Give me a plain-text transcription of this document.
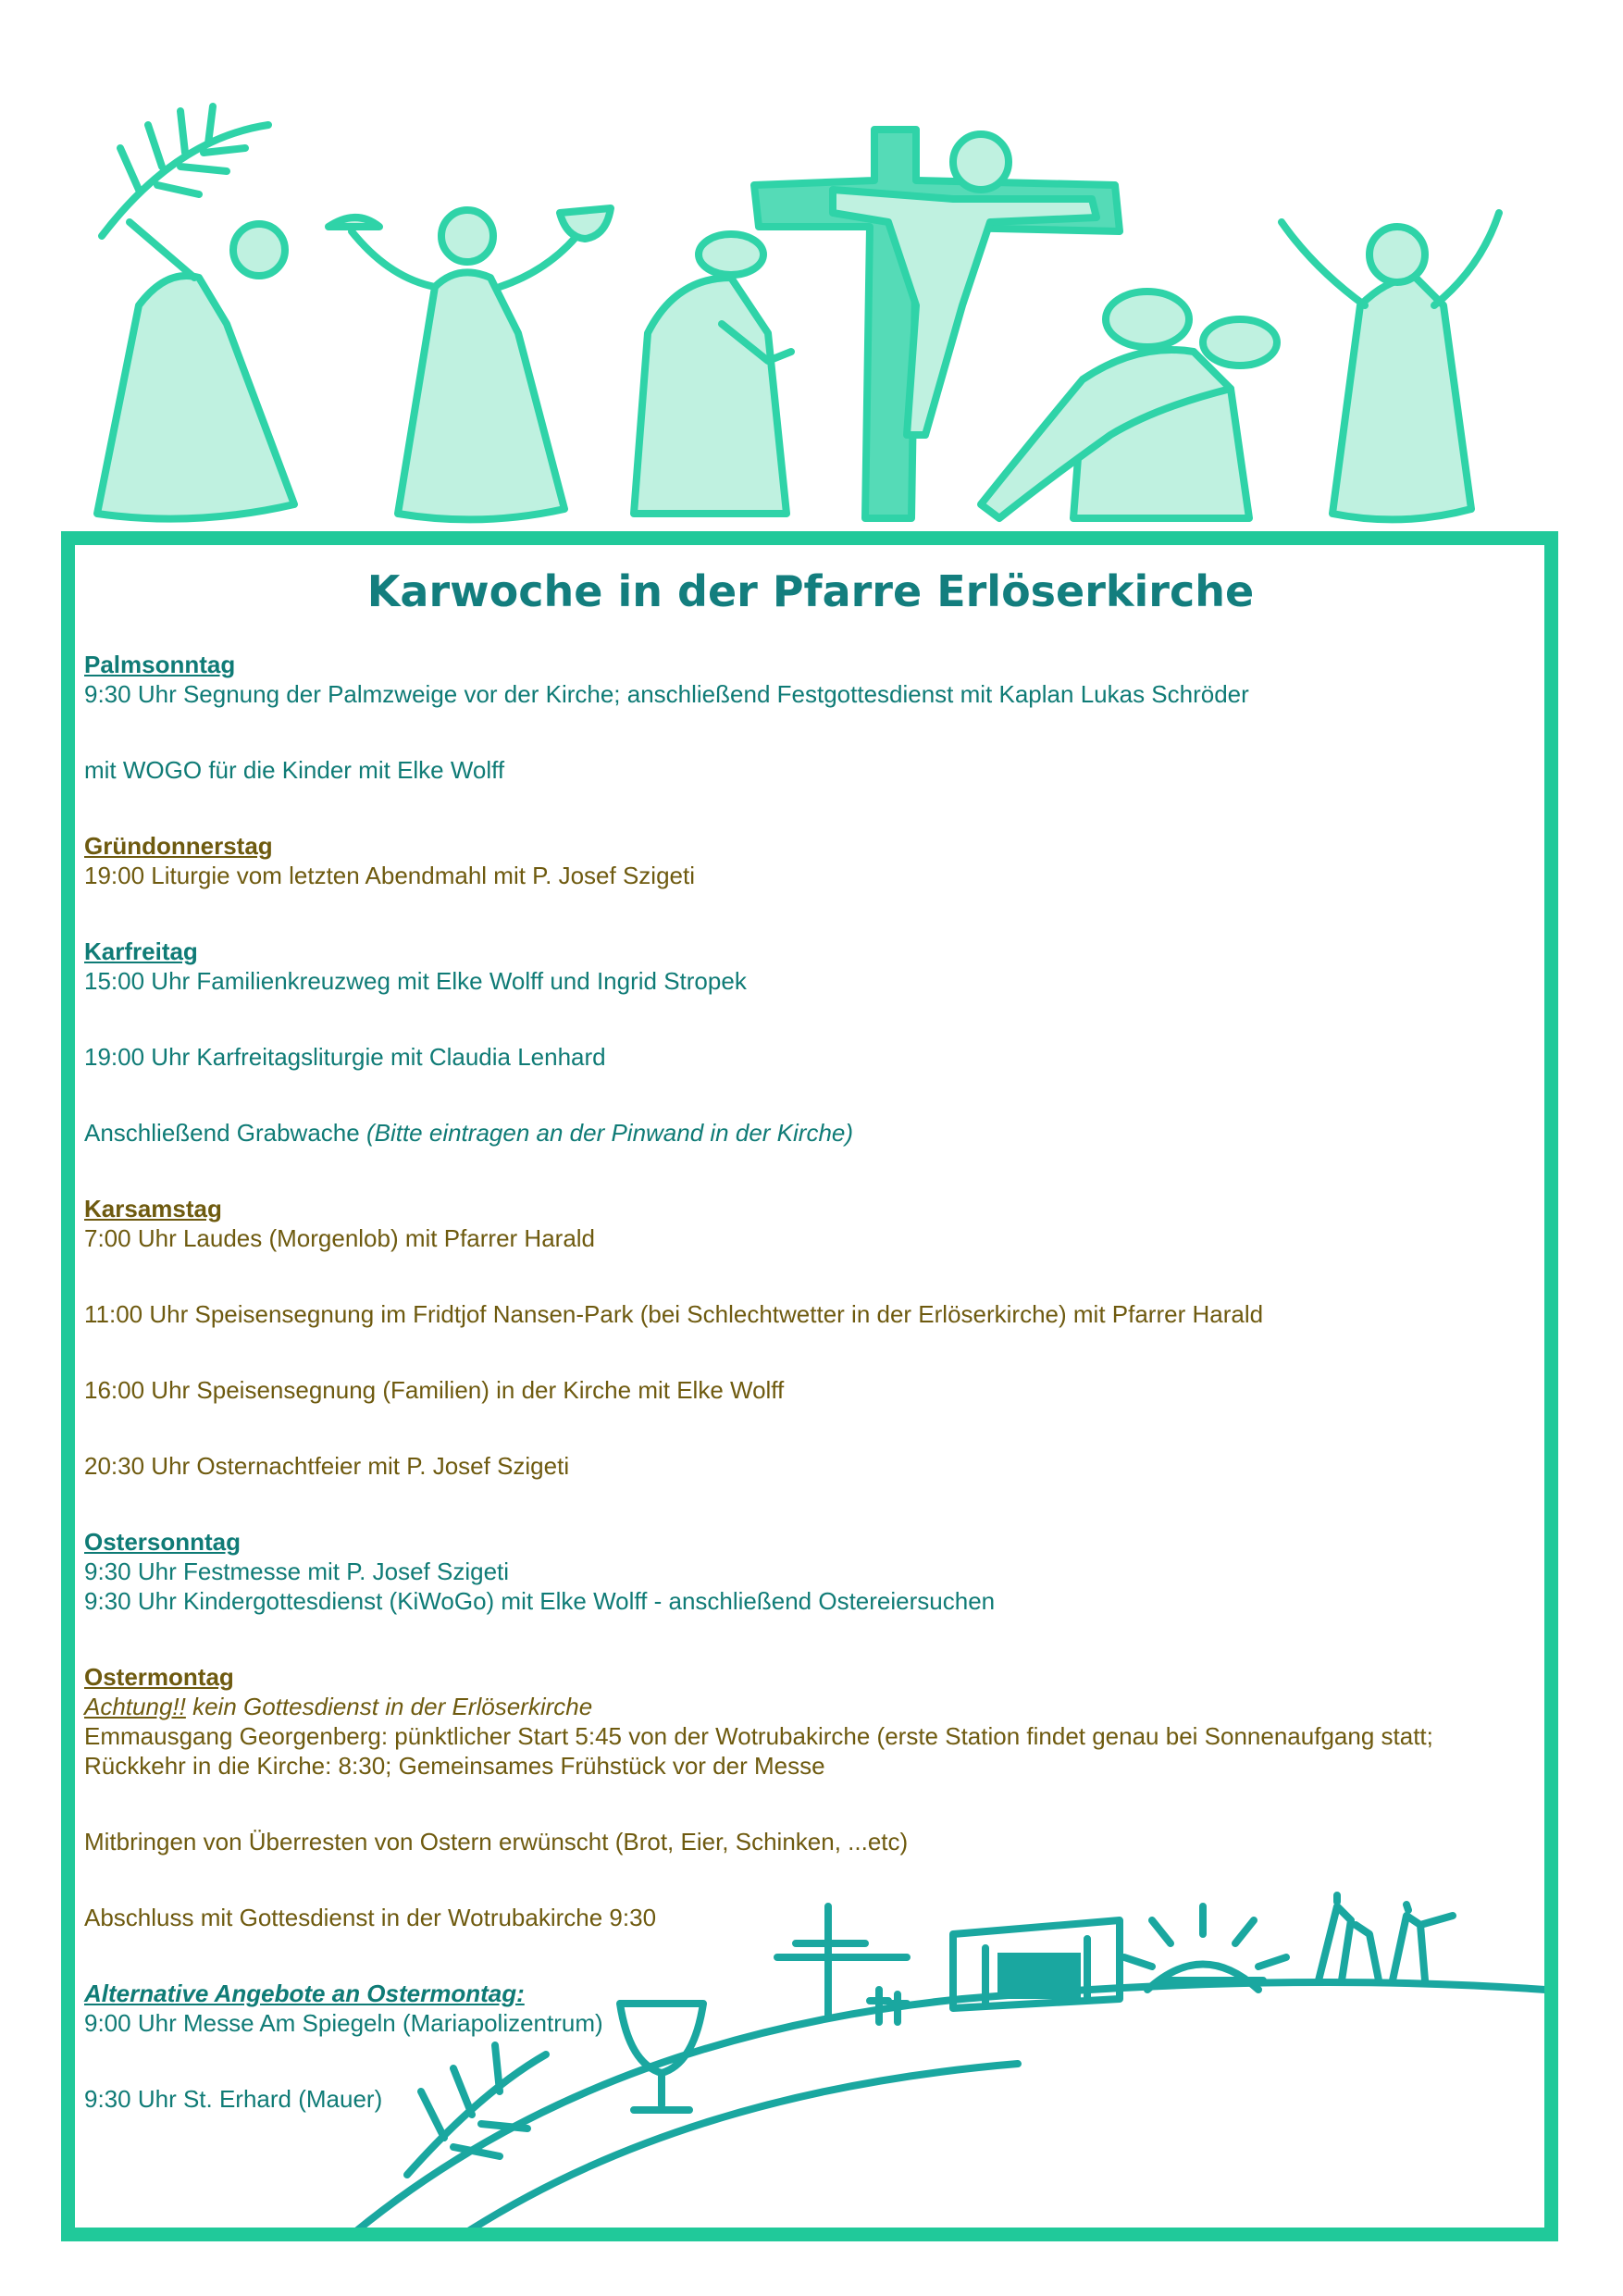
Karwoche in der Pfarre Erlöserkirche

Palmsonntag

9:30 Uhr Segnung der Palmzweige vor der Kirche; anschließend Festgottesdienst mit Kaplan Lukas Schröder

mit WOGO für die Kinder mit Elke Wolff

Gründonnerstag

19:00 Liturgie vom letzten Abendmahl mit P. Josef Szigeti

Karfreitag

15:00 Uhr Familienkreuzweg mit Elke Wolff und Ingrid Stropek

19:00 Uhr Karfreitagsliturgie mit Claudia Lenhard

Anschließend Grabwache (Bitte eintragen an der Pinwand in der Kirche)

Karsamstag

7:00 Uhr Laudes (Morgenlob) mit Pfarrer Harald

11:00 Uhr Speisensegnung im Fridtjof Nansen-Park (bei Schlechtwetter in der Erlöserkirche) mit Pfarrer Harald

16:00 Uhr Speisensegnung (Familien) in der Kirche mit Elke Wolff

20:30 Uhr Osternachtfeier mit P. Josef Szigeti

Ostersonntag

9:30 Uhr Festmesse mit P. Josef Szigeti

9:30 Uhr Kindergottesdienst (KiWoGo) mit Elke Wolff - anschließend Ostereiersuchen

Ostermontag

Achtung!! kein Gottesdienst in der Erlöserkirche

Emmausgang Georgenberg: pünktlicher Start 5:45 von der Wotrubakirche (erste Station findet genau bei Sonnenaufgang statt; Rückkehr in die Kirche: 8:30; Gemeinsames Frühstück vor der Messe

Mitbringen von Überresten von Ostern erwünscht (Brot, Eier, Schinken, ...etc)

Abschluss mit Gottesdienst in der Wotrubakirche 9:30

Alternative Angebote an Ostermontag:

9:00 Uhr Messe Am Spiegeln (Mariapolizentrum)

9:30 Uhr St. Erhard (Mauer)
